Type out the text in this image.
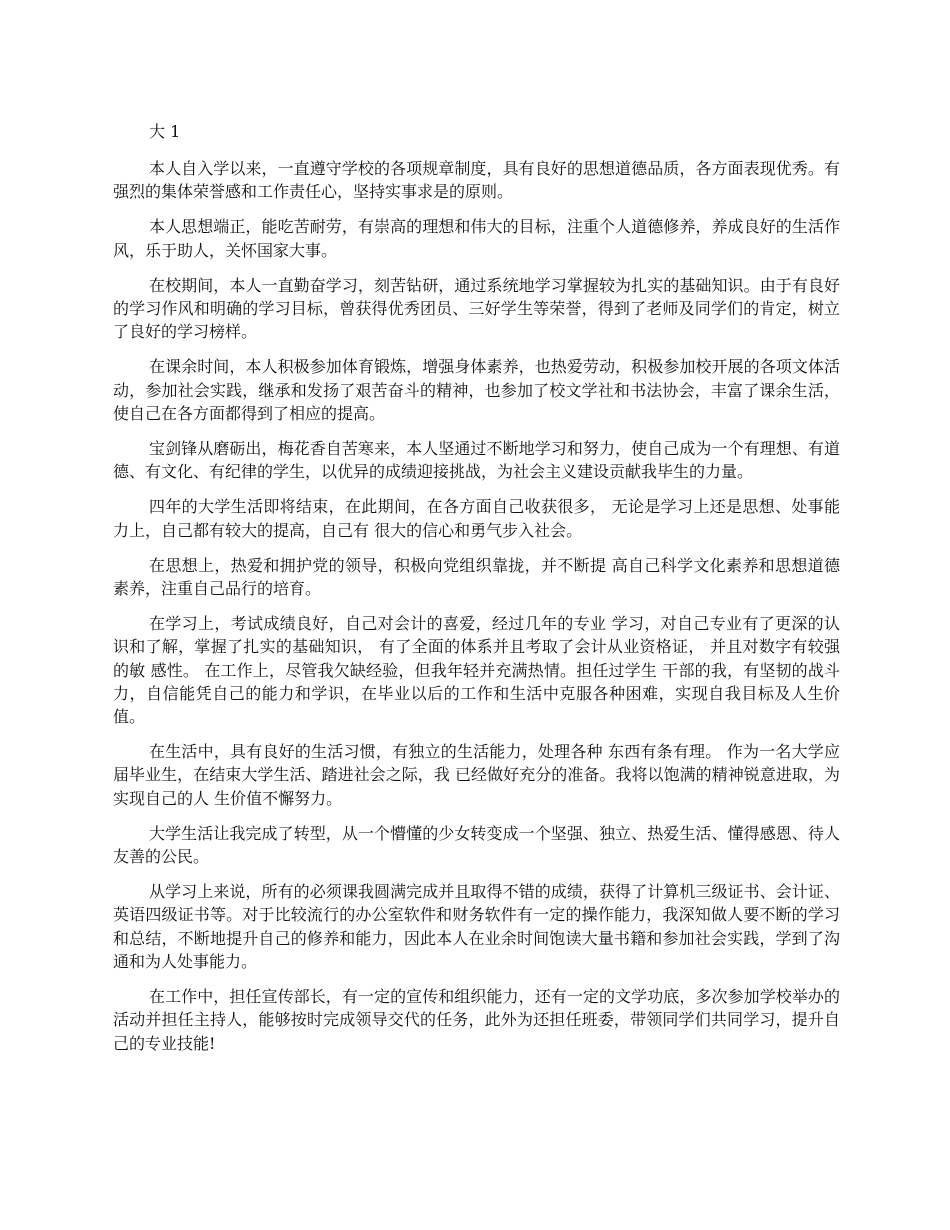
大 1

本人自入学以来，一直遵守学校的各项规章制度，具有良好的思想道德品质，各方面表现优秀。有强烈的集体荣誉感和工作责任心，坚持实事求是的原则。

本人思想端正，能吃苦耐劳，有崇高的理想和伟大的目标，注重个人道德修养，养成良好的生活作风，乐于助人，关怀国家大事。

在校期间，本人一直勤奋学习，刻苦钻研，通过系统地学习掌握较为扎实的基础知识。由于有良好的学习作风和明确的学习目标，曾获得优秀团员、三好学生等荣誉，得到了老师及同学们的肯定，树立了良好的学习榜样。

在课余时间，本人积极参加体育锻炼，增强身体素养，也热爱劳动，积极参加校开展的各项文体活动，参加社会实践，继承和发扬了艰苦奋斗的精神，也参加了校文学社和书法协会，丰富了课余生活，使自己在各方面都得到了相应的提高。

宝剑锋从磨砺出，梅花香自苦寒来，本人坚通过不断地学习和努力，使自己成为一个有理想、有道德、有文化、有纪律的学生，以优异的成绩迎接挑战，为社会主义建设贡献我毕生的力量。

四年的大学生活即将结束，在此期间，在各方面自己收获很多， 无论是学习上还是思想、处事能力上，自己都有较大的提高，自己有 很大的信心和勇气步入社会。

在思想上，热爱和拥护党的领导，积极向党组织靠拢，并不断提 高自己科学文化素养和思想道德素养，注重自己品行的培育。

在学习上，考试成绩良好，自己对会计的喜爱，经过几年的专业 学习，对自己专业有了更深的认识和了解，掌握了扎实的基础知识， 有了全面的体系并且考取了会计从业资格证， 并且对数字有较强的敏 感性。 在工作上，尽管我欠缺经验，但我年轻并充满热情。担任过学生 干部的我，有坚韧的战斗力，自信能凭自己的能力和学识，在毕业以后的工作和生活中克服各种困难，实现自我目标及人生价值。

在生活中，具有良好的生活习惯，有独立的生活能力，处理各种 东西有条有理。 作为一名大学应届毕业生，在结束大学生活、踏进社会之际，我 已经做好充分的准备。我将以饱满的精神锐意进取，为实现自己的人 生价值不懈努力。

大学生活让我完成了转型，从一个懵懂的少女转变成一个坚强、独立、热爱生活、懂得感恩、待人友善的公民。

从学习上来说，所有的必须课我圆满完成并且取得不错的成绩，获得了计算机三级证书、会计证、英语四级证书等。对于比较流行的办公室软件和财务软件有一定的操作能力，我深知做人要不断的学习和总结，不断地提升自己的修养和能力，因此本人在业余时间饱读大量书籍和参加社会实践，学到了沟通和为人处事能力。

在工作中，担任宣传部长，有一定的宣传和组织能力，还有一定的文学功底，多次参加学校举办的活动并担任主持人，能够按时完成领导交代的任务，此外为还担任班委，带领同学们共同学习，提升自己的专业技能!
